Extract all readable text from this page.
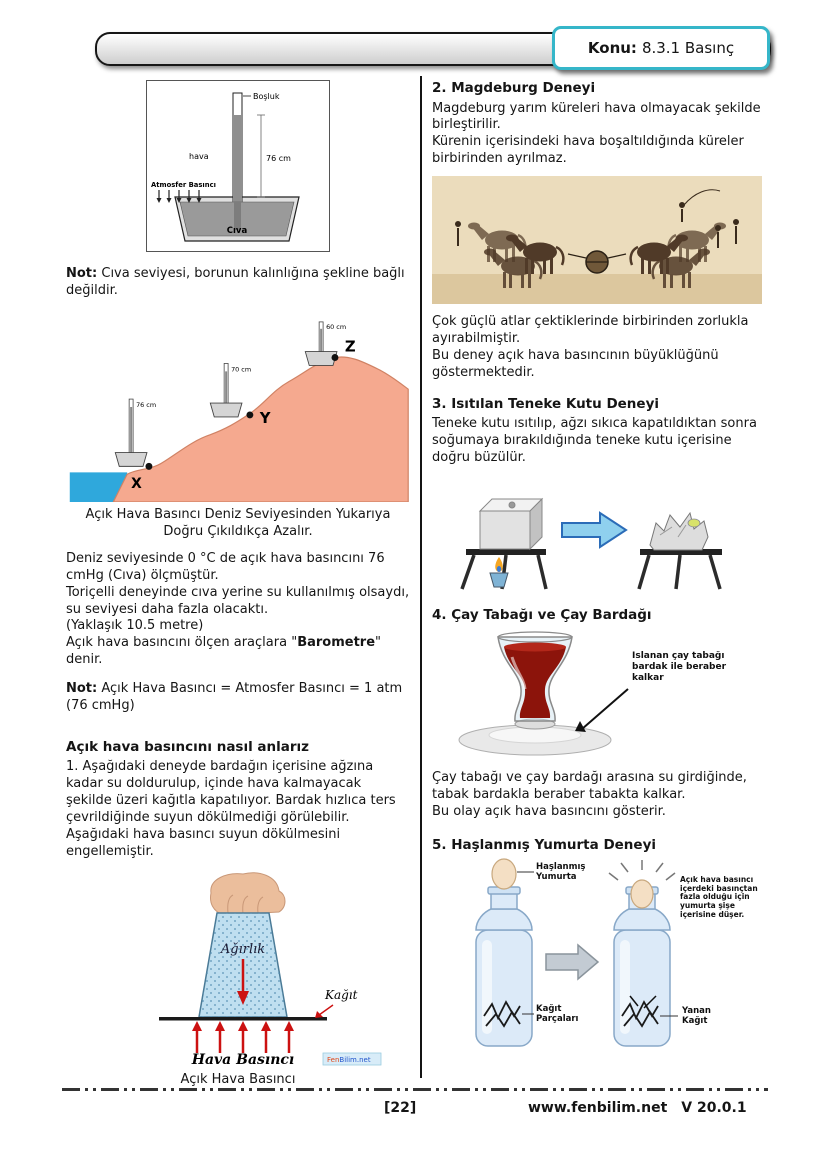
Konu: 8.3.1 Basınç
Boşluk
76 cm
hava
Atmosfer Basıncı
Cıva

Not: Cıva seviyesi, borunun kalınlığına şekline bağlı değildir.

76 cm
70 cm
60 cm
X
Y
Z

Açık Hava Basıncı Deniz Seviyesinden Yukarıya Doğru Çıkıldıkça Azalır.

Deniz seviyesinde 0 °C de açık hava basıncını 76 cmHg (Cıva) ölçmüştür.
Toriçelli deneyinde cıva yerine su kullanılmış olsaydı, su seviyesi daha fazla olacaktı.
(Yaklaşık 10.5 metre)
Açık hava basıncını ölçen araçlara "Barometre" denir.

Not: Açık Hava Basıncı = Atmosfer Basıncı = 1 atm (76 cmHg)

Açık hava basıncını nasıl anlarız

1. Aşağıdaki deneyde bardağın içerisine ağzına kadar su doldurulup, içinde hava kalmayacak şekilde üzeri kağıtla kapatılıyor. Bardak hızlıca ters çevrildiğinde suyun dökülmediği görülebilir. Aşağıdaki hava basıncı suyun dökülmesini engellemiştir.

Ağırlık
Kağıt
Hava Basıncı	FenBilim.net

Açık Hava Basıncı

2. Magdeburg Deneyi

Magdeburg yarım küreleri hava olmayacak şekilde birleştirilir.

Kürenin içerisindeki hava boşaltıldığında küreler birbirinden ayrılmaz.

Çok güçlü atlar çektiklerinde birbirinden zorlukla ayırabilmiştir.

Bu deney açık hava basıncının büyüklüğünü göstermektedir.

3. Isıtılan Teneke Kutu Deneyi

Teneke kutu ısıtılıp, ağzı sıkıca kapatıldıktan sonra soğumaya bırakıldığında teneke kutu içerisine doğru büzülür.

4. Çay Tabağı ve Çay Bardağı

Islanan çay tabağı bardak ile beraber kalkar

Çay tabağı ve çay bardağı arasına su girdiğinde, tabak bardakla beraber tabakta kalkar.

Bu olay açık hava basıncını gösterir.

5. Haşlanmış Yumurta Deneyi

Haşlanmış Yumurta
Kağıt Parçaları
Açık hava basıncı içerdeki basınçtan fazla olduğu için yumurta şişe içerisine düşer.
Yanan Kağıt
[22]	www.fenbilim.net V 20.0.1
